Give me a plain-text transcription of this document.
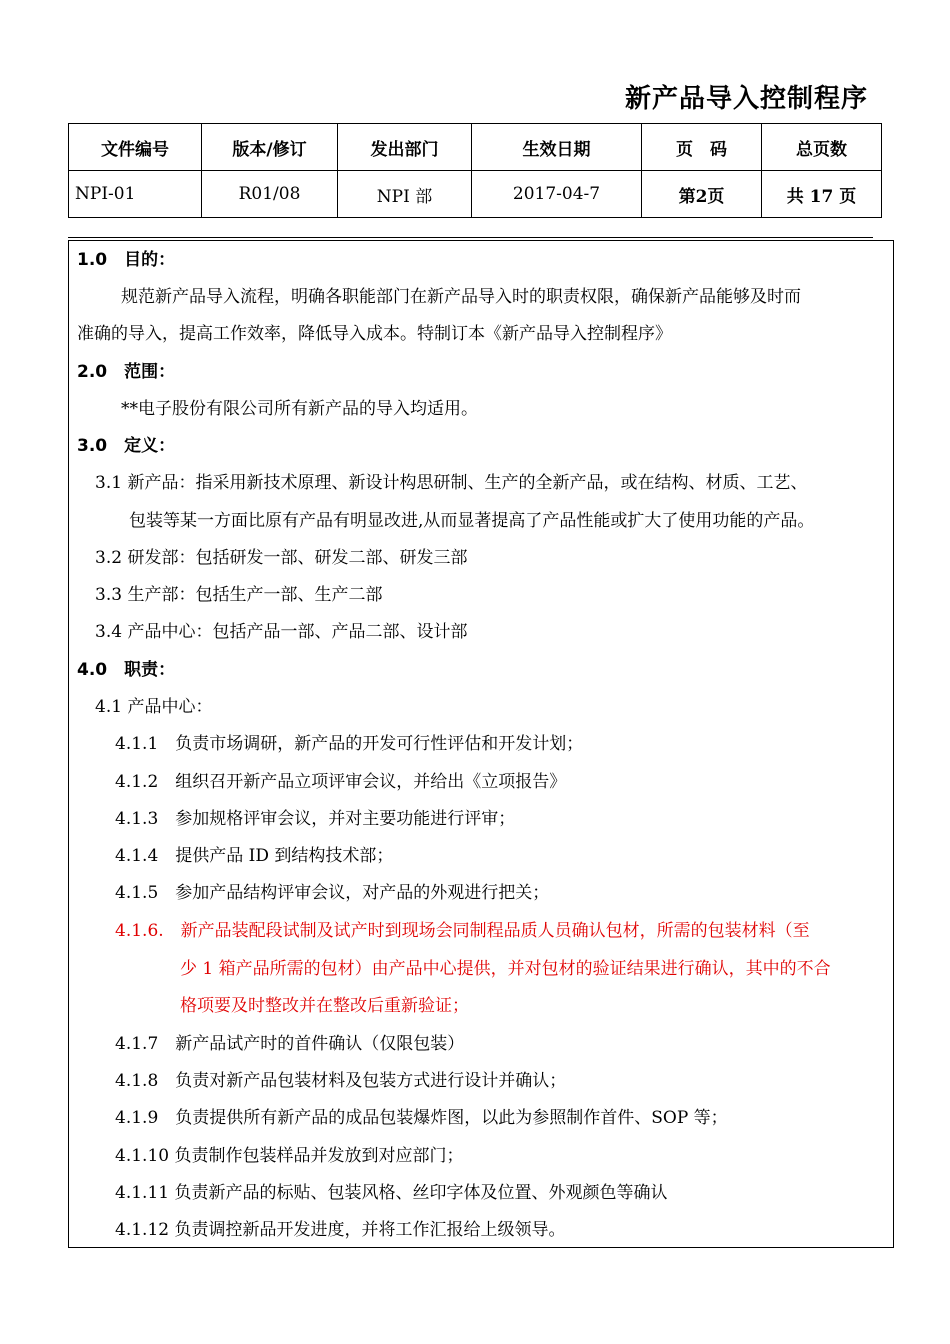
新产品导入控制程序
文件编号	版本/修订	发出部门	生效日期	页　码	总页数
NPI-01	R01/08	NPI 部	2017-04-7	第2页	共 17 页
1.0　目的：
规范新产品导入流程，明确各职能部门在新产品导入时的职责权限，确保新产品能够及时而
准确的导入，提高工作效率，降低导入成本。特制订本《新产品导入控制程序》
2.0　范围：
**电子股份有限公司所有新产品的导入均适用。
3.0　定义：
3.1 新产品：指采用新技术原理、新设计构思研制、生产的全新产品，或在结构、材质、工艺、
包装等某一方面比原有产品有明显改进,从而显著提高了产品性能或扩大了使用功能的产品。
3.2 研发部：包括研发一部、研发二部、研发三部
3.3 生产部：包括生产一部、生产二部
3.4 产品中心：包括产品一部、产品二部、设计部
4.0　职责：
4.1 产品中心：
4.1.1　负责市场调研，新产品的开发可行性评估和开发计划；
4.1.2　组织召开新产品立项评审会议，并给出《立项报告》
4.1.3　参加规格评审会议，并对主要功能进行评审；
4.1.4　提供产品 ID 到结构技术部；
4.1.5　参加产品结构评审会议，对产品的外观进行把关；
4.1.6.　新产品装配段试制及试产时到现场会同制程品质人员确认包材，所需的包装材料（至
少 1 箱产品所需的包材）由产品中心提供，并对包材的验证结果进行确认，其中的不合
格项要及时整改并在整改后重新验证；
4.1.7　新产品试产时的首件确认（仅限包装）
4.1.8　负责对新产品包装材料及包装方式进行设计并确认；
4.1.9　负责提供所有新产品的成品包装爆炸图，以此为参照制作首件、SOP 等；
4.1.10 负责制作包装样品并发放到对应部门；
4.1.11 负责新产品的标贴、包装风格、丝印字体及位置、外观颜色等确认
4.1.12 负责调控新品开发进度，并将工作汇报给上级领导。
